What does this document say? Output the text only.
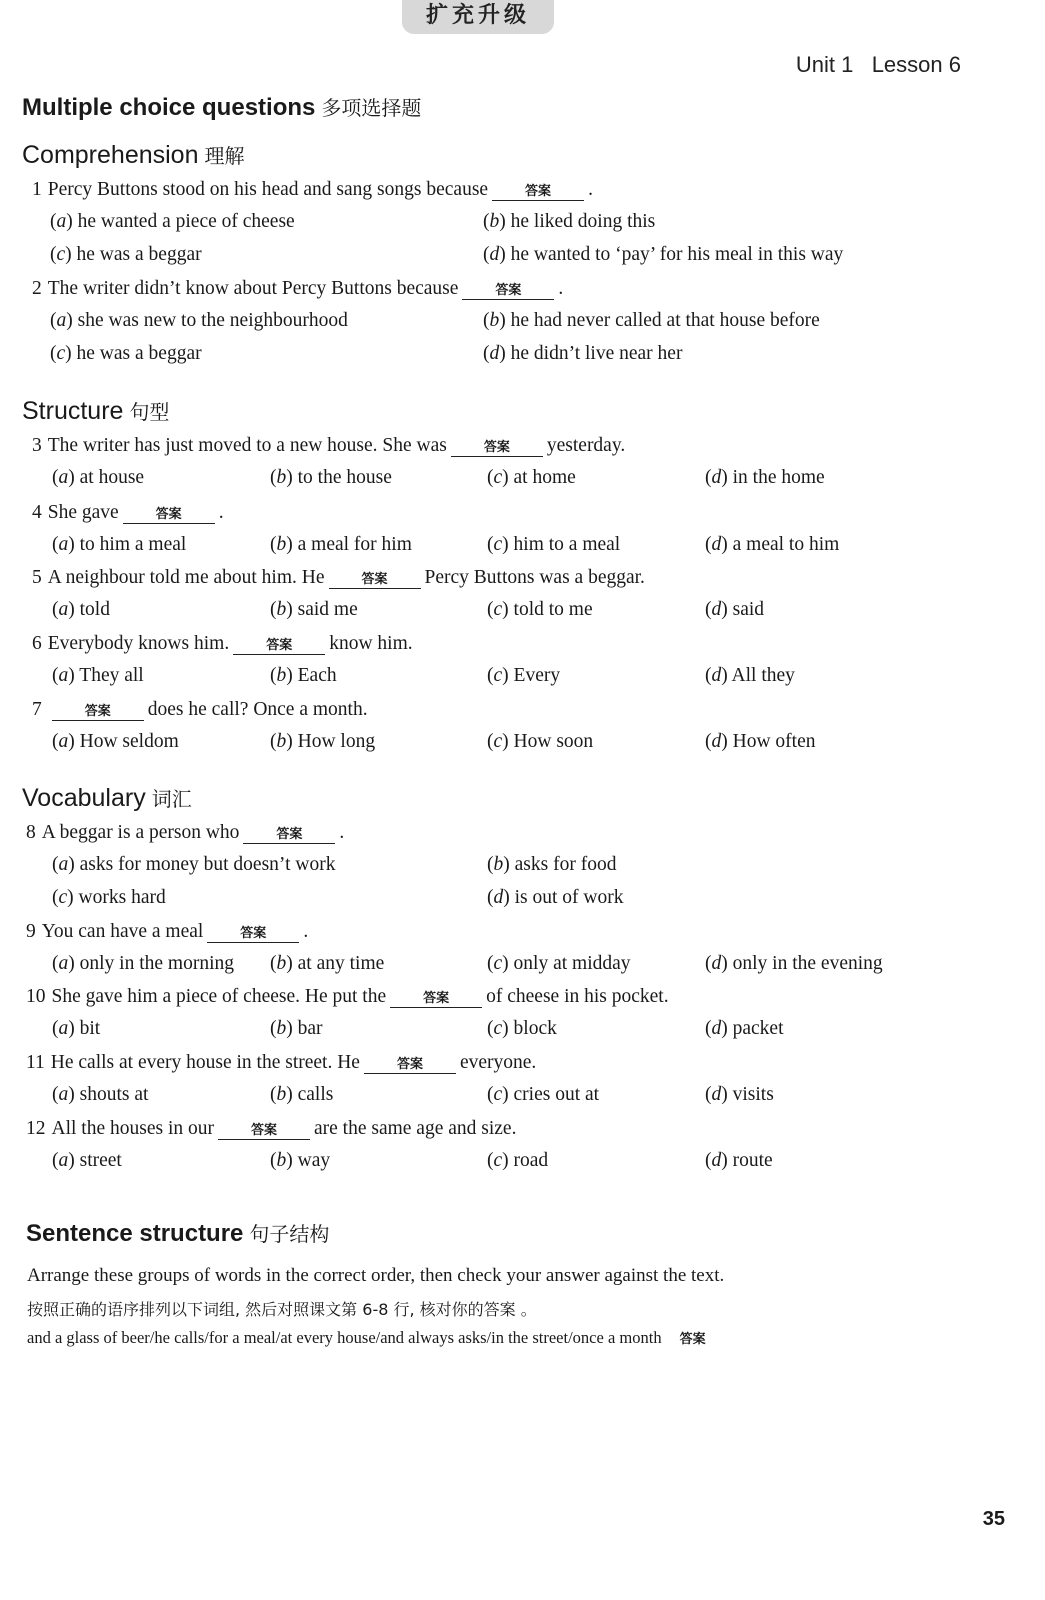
扩充升级
Unit 1   Lesson 6
Multiple choice questions 多项选择题
Comprehension 理解
1 Percy Buttons stood on his head and sang songs because	答案 .
(a) he wanted a piece of cheese	(b) he liked doing this
(c) he was a beggar	(d) he wanted to ‘pay’ for his meal in this way
2 The writer didn’t know about Percy Buttons because	答案 .
(a) she was new to the neighbourhood	(b) he had never called at that house before
(c) he was a beggar	(d) he didn’t live near her
Structure 句型
3 The writer has just moved to a new house. She was	答案 yesterday.
(a) at house	(b) to the house	(c) at home	(d) in the home
4 She gave	答案 .
(a) to him a meal	(b) a meal for him	(c) him to a meal	(d) a meal to him
5 A neighbour told me about him. He	答案 Percy Buttons was a beggar.
(a) told	(b) said me	(c) told to me	(d) said
6 Everybody knows him.	答案 know him.
(a) They all	(b) Each	(c) Every	(d) All they
7	答案 does he call? Once a month.
(a) How seldom	(b) How long	(c) How soon	(d) How often
Vocabulary 词汇
8 A beggar is a person who	答案 .
(a) asks for money but doesn’t work	(b) asks for food
(c) works hard	(d) is out of work
9 You can have a meal	答案 .
(a) only in the morning (b) at any time	(c) only at midday	(d) only in the evening
10 She gave him a piece of cheese. He put the	答案 of cheese in his pocket.
(a) bit	(b) bar	(c) block	(d) packet
11 He calls at every house in the street. He	答案 everyone.
(a) shouts at	(b) calls	(c) cries out at	(d) visits
12 All the houses in our	答案 are the same age and size.
(a) street	(b) way	(c) road	(d) route
Sentence structure 句子结构
Arrange these groups of words in the correct order, then check your answer against the text.
按照正确的语序排列以下词组, 然后对照课文第 6-8 行, 核对你的答案 。
and a glass of beer/he calls/for a meal/at every house/and always asks/in the street/once a month 答案
35
